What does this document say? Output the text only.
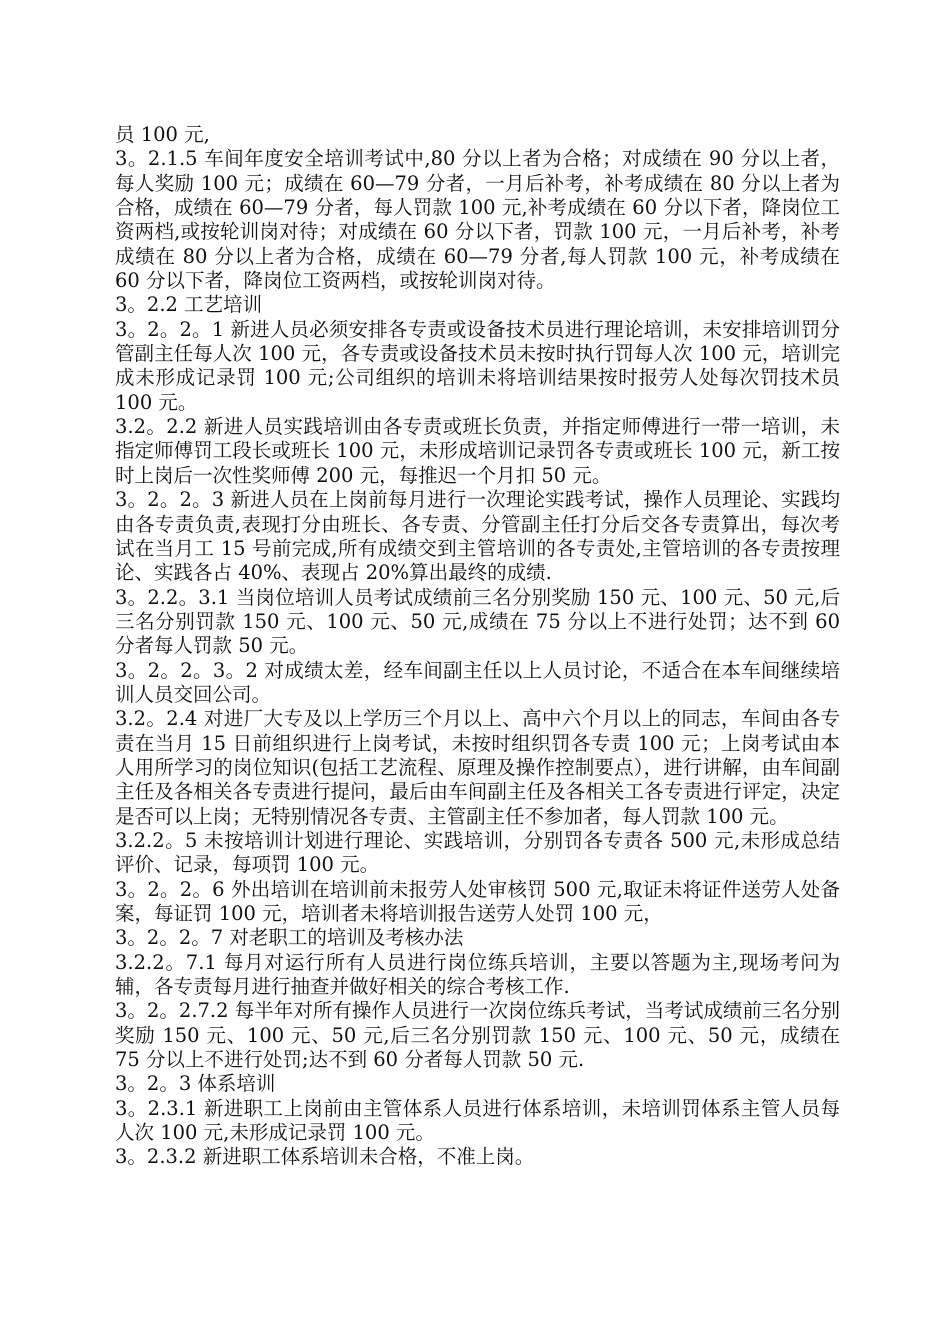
员 100 元,

3。2.1.5 车间年度安全培训考试中,80 分以上者为合格；对成绩在 90 分以上者，每人奖励 100 元；成绩在 60—79 分者，一月后补考，补考成绩在 80 分以上者为合格，成绩在 60—79 分者，每人罚款 100 元,补考成绩在 60 分以下者，降岗位工资两档,或按轮训岗对待；对成绩在 60 分以下者，罚款 100 元，一月后补考，补考成绩在 80 分以上者为合格，成绩在 60—79 分者,每人罚款 100 元，补考成绩在 60 分以下者，降岗位工资两档，或按轮训岗对待。

3。2.2 工艺培训

3。2。2。1 新进人员必须安排各专责或设备技术员进行理论培训，未安排培训罚分管副主任每人次 100 元，各专责或设备技术员未按时执行罚每人次 100 元，培训完成未形成记录罚 100 元;公司组织的培训未将培训结果按时报劳人处每次罚技术员 100 元。

3.2。2.2 新进人员实践培训由各专责或班长负责，并指定师傅进行一带一培训，未指定师傅罚工段长或班长 100 元，未形成培训记录罚各专责或班长 100 元，新工按时上岗后一次性奖师傅 200 元，每推迟一个月扣 50 元。

3。2。2。3 新进人员在上岗前每月进行一次理论实践考试，操作人员理论、实践均由各专责负责,表现打分由班长、各专责、分管副主任打分后交各专责算出，每次考试在当月工 15 号前完成,所有成绩交到主管培训的各专责处,主管培训的各专责按理论、实践各占 40%、表现占 20%算出最终的成绩.

3。2.2。3.1 当岗位培训人员考试成绩前三名分别奖励 150 元、100 元、50 元,后三名分别罚款 150 元、100 元、50 元,成绩在 75 分以上不进行处罚；达不到 60 分者每人罚款 50 元。

3。2。2。3。2 对成绩太差，经车间副主任以上人员讨论，不适合在本车间继续培训人员交回公司。

3.2。2.4 对进厂大专及以上学历三个月以上、高中六个月以上的同志，车间由各专责在当月 15 日前组织进行上岗考试，未按时组织罚各专责 100 元；上岗考试由本人用所学习的岗位知识(包括工艺流程、原理及操作控制要点），进行讲解，由车间副主任及各相关各专责进行提问，最后由车间副主任及各相关工各专责进行评定，决定是否可以上岗；无特别情况各专责、主管副主任不参加者，每人罚款 100 元。

3.2.2。5 未按培训计划进行理论、实践培训，分别罚各专责各 500 元,未形成总结评价、记录，每项罚 100 元。

3。2。2。6 外出培训在培训前未报劳人处审核罚 500 元,取证未将证件送劳人处备案，每证罚 100 元，培训者未将培训报告送劳人处罚 100 元，

3。2。2。7 对老职工的培训及考核办法

3.2.2。7.1 每月对运行所有人员进行岗位练兵培训，主要以答题为主,现场考问为辅，各专责每月进行抽查并做好相关的综合考核工作.

3。2。2.7.2 每半年对所有操作人员进行一次岗位练兵考试，当考试成绩前三名分别奖励 150 元、100 元、50 元,后三名分别罚款 150 元、100 元、50 元，成绩在 75 分以上不进行处罚;达不到 60 分者每人罚款 50 元.

3。2。3 体系培训

3。2.3.1 新进职工上岗前由主管体系人员进行体系培训，未培训罚体系主管人员每人次 100 元,未形成记录罚 100 元。

3。2.3.2 新进职工体系培训未合格，不准上岗。
